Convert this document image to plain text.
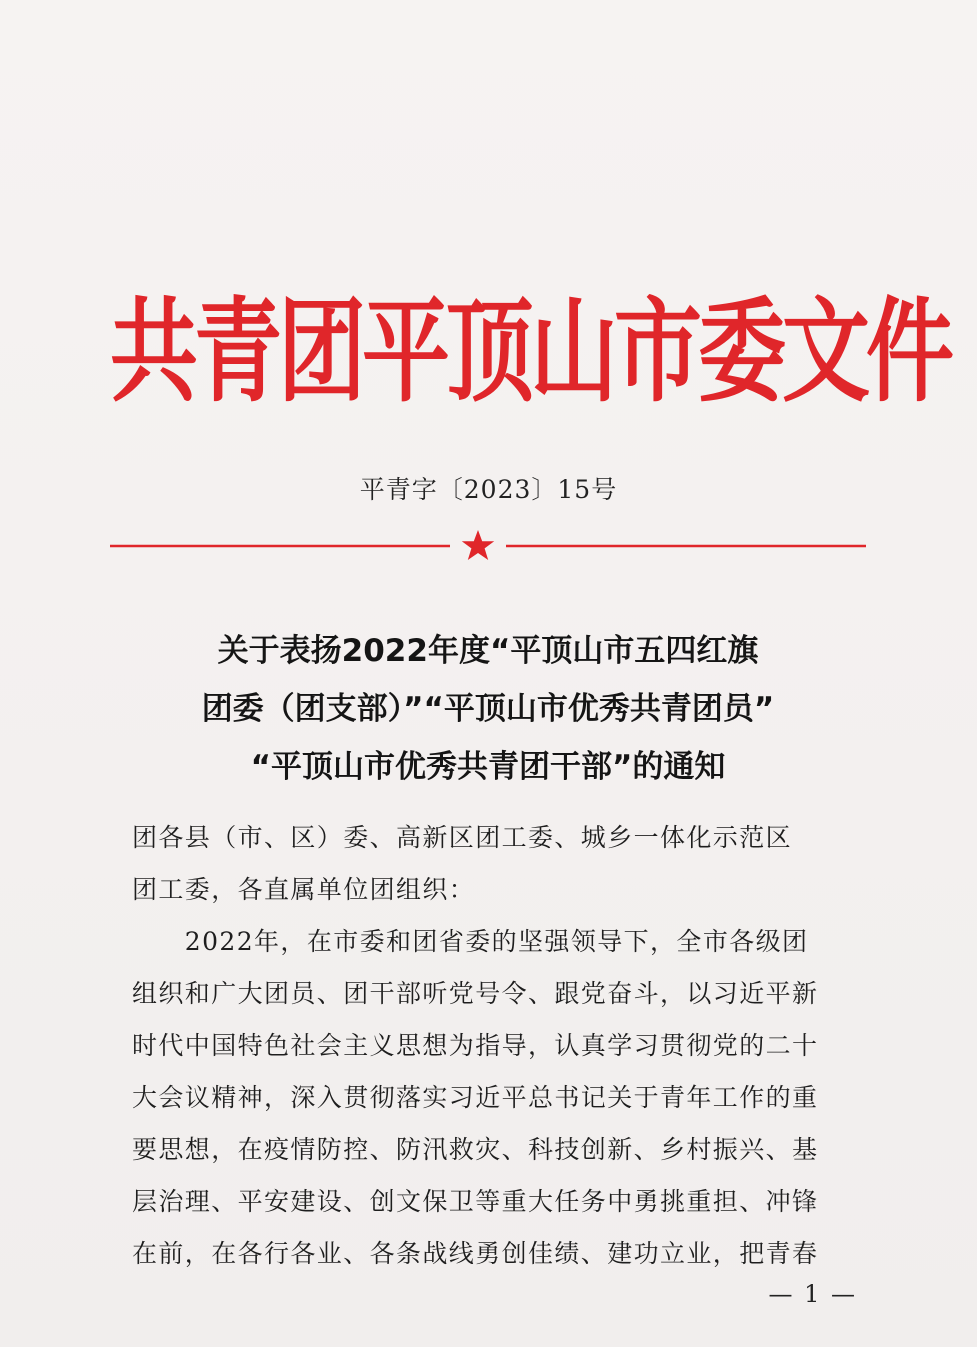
共青团平顶山市委文件
平青字〔2023〕15号
关于表扬2022年度“平顶山市五四红旗
团委（团支部）”“平顶山市优秀共青团员”
“平顶山市优秀共青团干部”的通知
团各县（市、区）委、高新区团工委、城乡一体化示范区
团工委，各直属单位团组织：
　　2022年，在市委和团省委的坚强领导下，全市各级团
组织和广大团员、团干部听党号令、跟党奋斗，以习近平新
时代中国特色社会主义思想为指导，认真学习贯彻党的二十
大会议精神，深入贯彻落实习近平总书记关于青年工作的重
要思想，在疫情防控、防汛救灾、科技创新、乡村振兴、基
层治理、平安建设、创文保卫等重大任务中勇挑重担、冲锋
在前，在各行各业、各条战线勇创佳绩、建功立业，把青春
— 1 —
